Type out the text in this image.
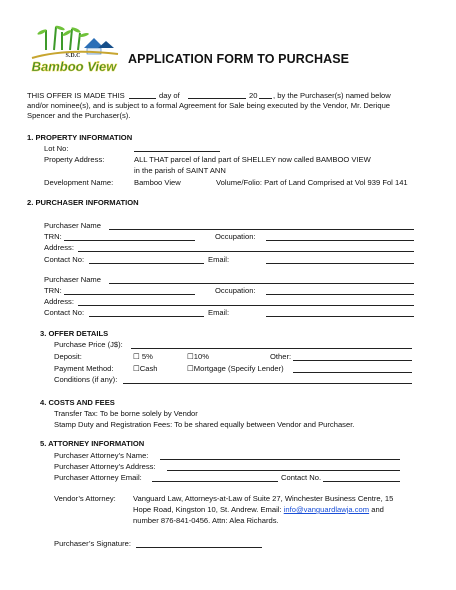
S.D.C
Bamboo View APPLICATION FORM TO PURCHASE
THIS OFFER IS MADE THIS	day of	20 , by the Purchaser(s) named below
and/or nominee(s), and is subject to a formal Agreement for Sale being executed by the Vendor, Mr. Derique
Spencer and the Purchaser(s).
1. PROPERTY INFORMATION
Lot No:
Property Address:	ALL THAT parcel of land part of SHELLEY now called BAMBOO VIEW
in the parish of SAINT ANN
Development Name:	Bamboo View	Volume/Folio: Part of Land Comprised at Vol 939 Fol 141
2. PURCHASER INFORMATION
Purchaser Name
TRN:	Occupation:
Address:
Contact No:	Email:
Purchaser Name
TRN:	Occupation:
Address:
Contact No:	Email:
3. OFFER DETAILS
Purchase Price (J$):
Deposit:	☐ 5%	☐10%	Other:
Payment Method:	☐Cash	☐Mortgage (Specify Lender)
Conditions (if any):
4. COSTS AND FEES
Transfer Tax: To be borne solely by Vendor
Stamp Duty and Registration Fees: To be shared equally between Vendor and Purchaser.
5. ATTORNEY INFORMATION
Purchaser Attorney’s Name:
Purchaser Attorney’s Address:
Purchaser Attorney Email:	Contact No.
Vendor’s Attorney: Vanguard Law, Attorneys-at-Law of Suite 27, Winchester Business Centre, 15
Hope Road, Kingston 10, St. Andrew. Email: info@vanguardlawja.com and
number 876-841-0456. Attn: Alea Richards.
Purchaser’s Signature:
